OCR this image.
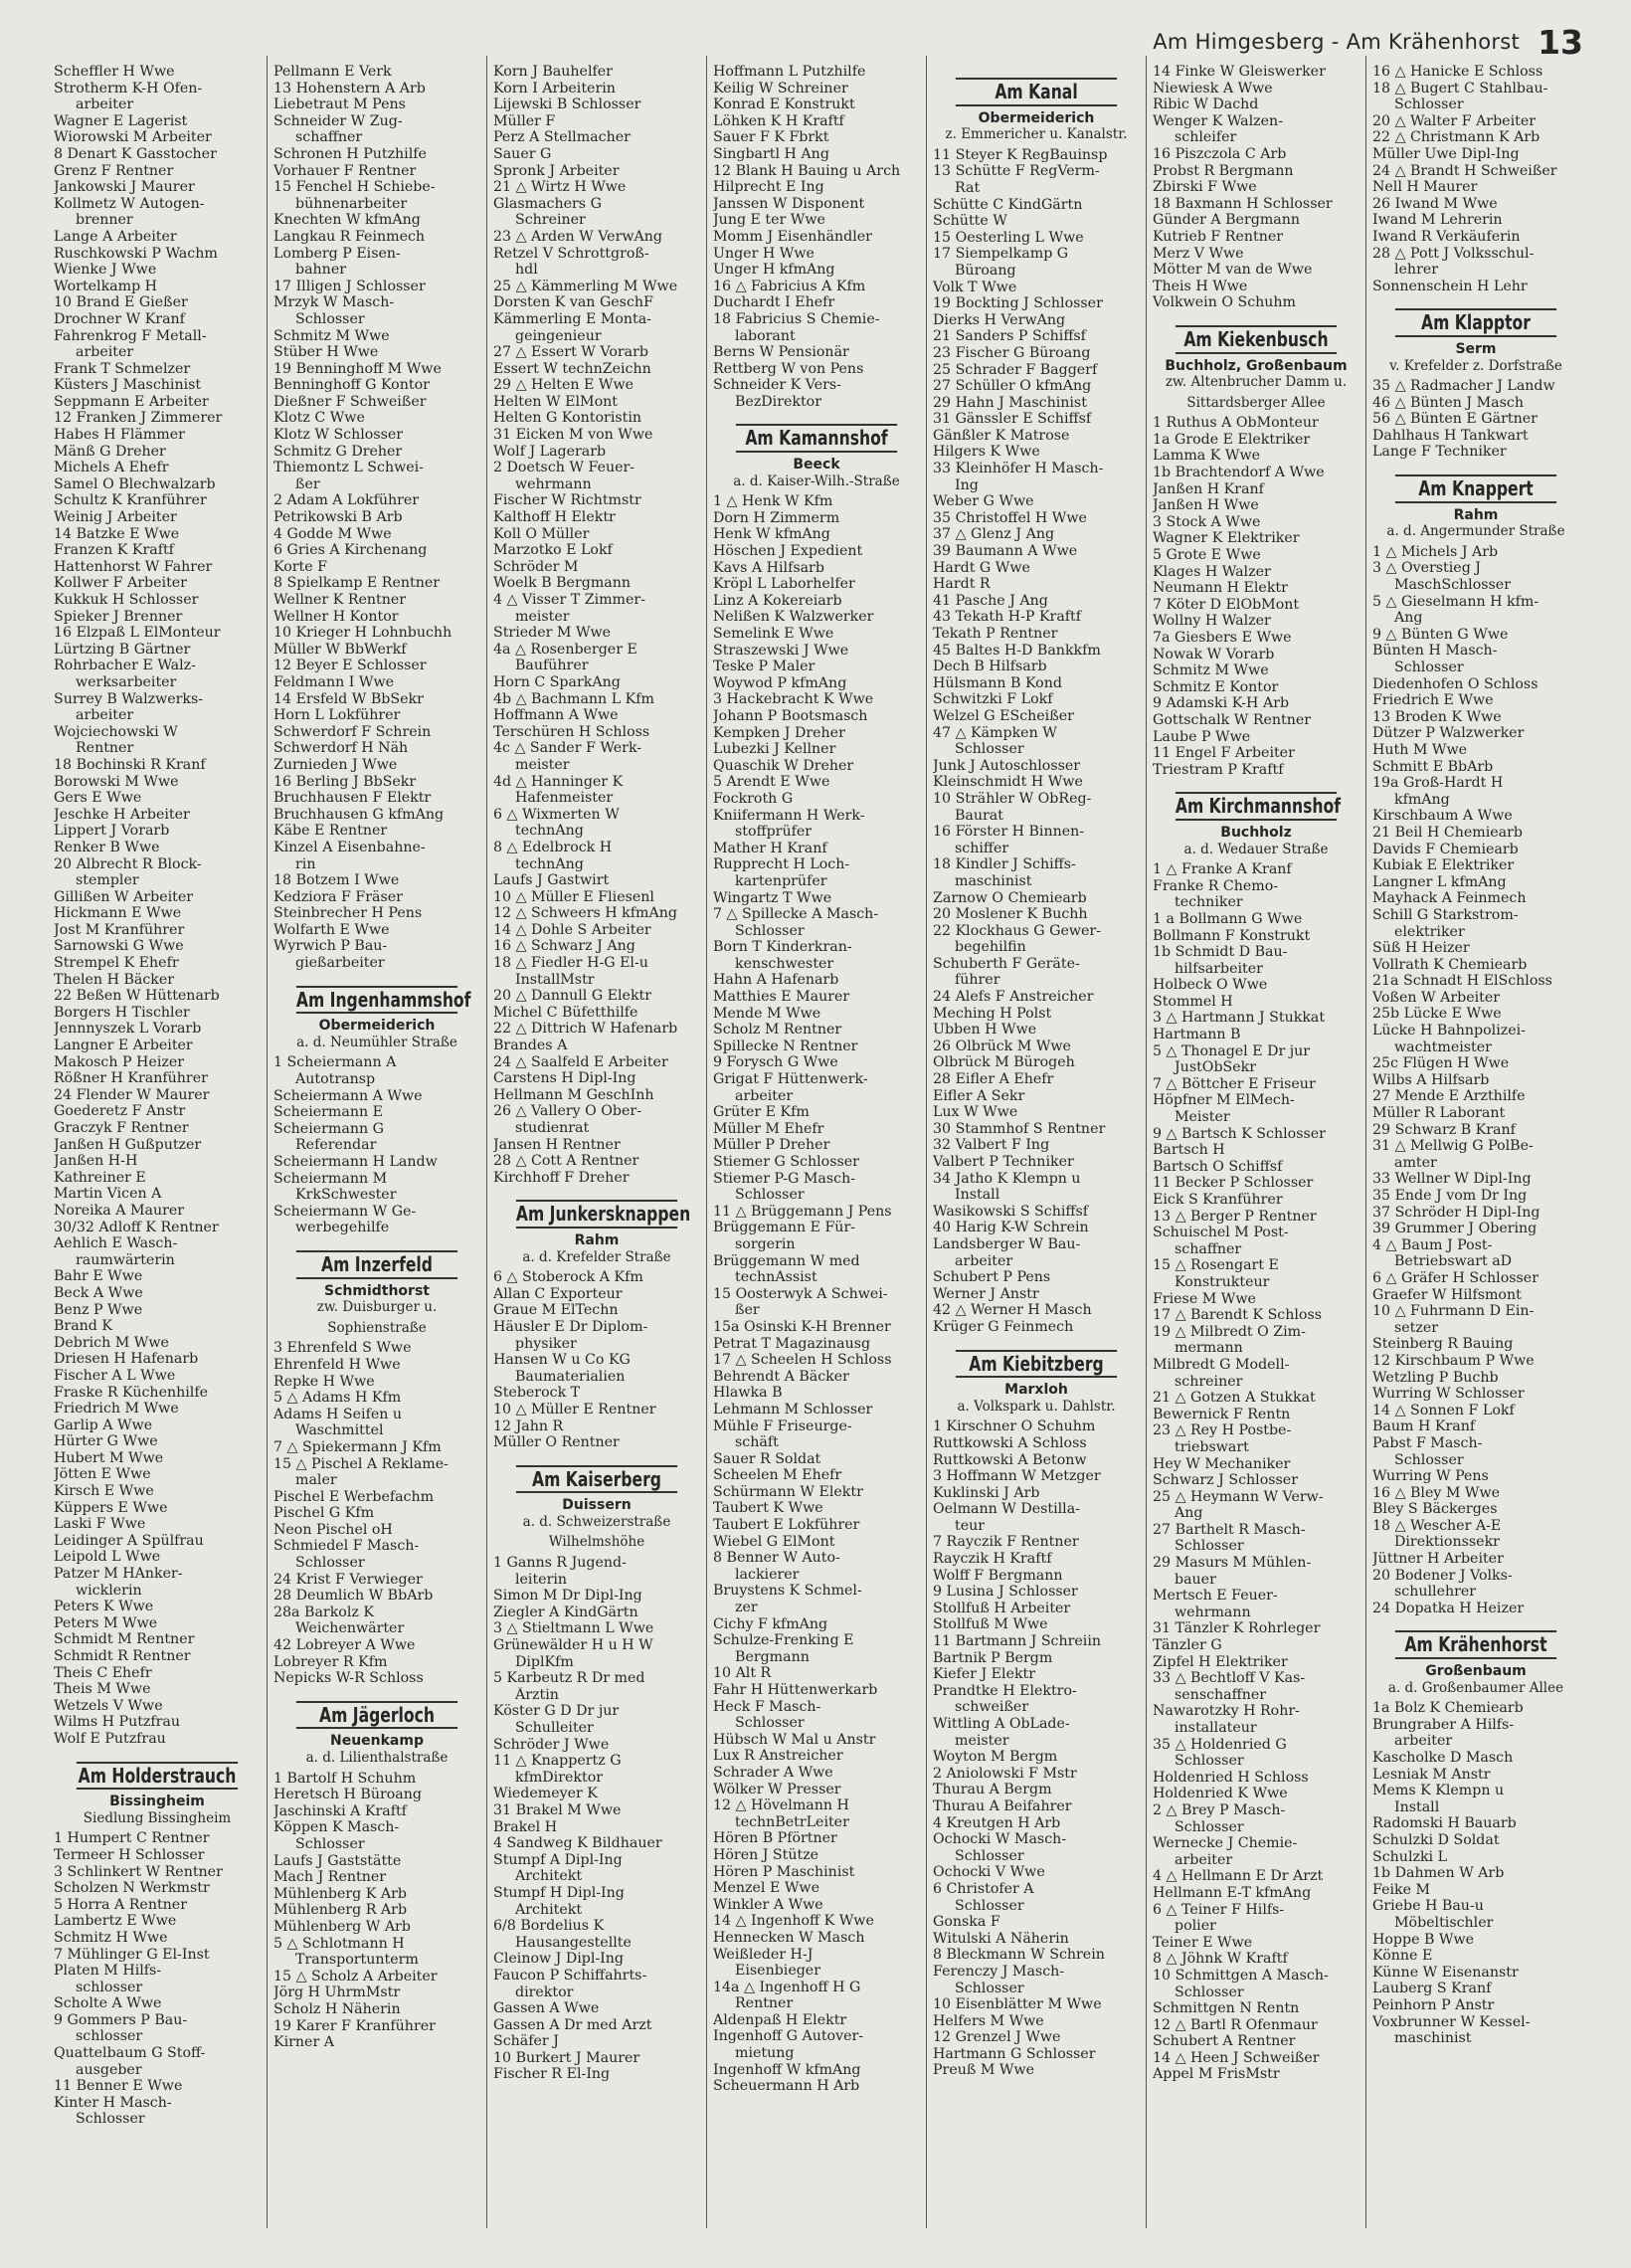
Am Himgesberg - Am Krähenhorst 13
Scheffler H Wwe
Strotherm K-H Ofen-
arbeiter
Wagner E Lagerist
Wiorowski M Arbeiter
8 Denart K Gasstocher
Grenz F Rentner
Jankowski J Maurer
Kollmetz W Autogen-
brenner
Lange A Arbeiter
Ruschkowski P Wachm
Wienke J Wwe
Wortelkamp H
10 Brand E Gießer
Drochner W Kranf
Fahrenkrog F Metall-
arbeiter
Frank T Schmelzer
Küsters J Maschinist
Seppmann E Arbeiter
12 Franken J Zimmerer
Habes H Flämmer
Mänß G Dreher
Michels A Ehefr
Samel O Blechwalzarb
Schultz K Kranführer
Weinig J Arbeiter
14 Batzke E Wwe
Franzen K Kraftf
Hattenhorst W Fahrer
Kollwer F Arbeiter
Kukkuk H Schlosser
Spieker J Brenner
16 Elzpaß L ElMonteur
Lürtzing B Gärtner
Rohrbacher E Walz-
werksarbeiter
Surrey B Walzwerks-
arbeiter
Wojciechowski W
Rentner
18 Bochinski R Kranf
Borowski M Wwe
Gers E Wwe
Jeschke H Arbeiter
Lippert J Vorarb
Renker B Wwe
20 Albrecht R Block-
stempler
Gillißen W Arbeiter
Hickmann E Wwe
Jost M Kranführer
Sarnowski G Wwe
Strempel K Ehefr
Thelen H Bäcker
22 Beßen W Hüttenarb
Borgers H Tischler
Jennnyszek L Vorarb
Langner E Arbeiter
Makosch P Heizer
Rößner H Kranführer
24 Flender W Maurer
Goederetz F Anstr
Graczyk F Rentner
Janßen H Gußputzer
Janßen H-H
Kathreiner E
Martin Vicen A
Noreika A Maurer
30/32 Adloff K Rentner
Aehlich E Wasch-
raumwärterin
Bahr E Wwe
Beck A Wwe
Benz P Wwe
Brand K
Debrich M Wwe
Driesen H Hafenarb
Fischer A L Wwe
Fraske R Küchenhilfe
Friedrich M Wwe
Garlip A Wwe
Hürter G Wwe
Hubert M Wwe
Jötten E Wwe
Kirsch E Wwe
Küppers E Wwe
Laski F Wwe
Leidinger A Spülfrau
Leipold L Wwe
Patzer M HAnker-
wicklerin
Peters K Wwe
Peters M Wwe
Schmidt M Rentner
Schmidt R Rentner
Theis C Ehefr
Theis M Wwe
Wetzels V Wwe
Wilms H Putzfrau
Wolf E Putzfrau
Am Holderstrauch
Bissingheim
Siedlung Bissingheim
1 Humpert C Rentner
Termeer H Schlosser
3 Schlinkert W Rentner
Scholzen N Werkmstr
5 Horra A Rentner
Lambertz E Wwe
Schmitz H Wwe
7 Mühlinger G El-Inst
Platen M Hilfs-
schlosser
Scholte A Wwe
9 Gommers P Bau-
schlosser
Quattelbaum G Stoff-
ausgeber
11 Benner E Wwe
Kinter H Masch-
Schlosser
Pellmann E Verk
13 Hohenstern A Arb
Liebetraut M Pens
Schneider W Zug-
schaffner
Schronen H Putzhilfe
Vorhauer F Rentner
15 Fenchel H Schiebe-
bühnenarbeiter
Knechten W kfmAng
Langkau R Feinmech
Lomberg P Eisen-
bahner
17 Illigen J Schlosser
Mrzyk W Masch-
Schlosser
Schmitz M Wwe
Stüber H Wwe
19 Benninghoff M Wwe
Benninghoff G Kontor
Dießner F Schweißer
Klotz C Wwe
Klotz W Schlosser
Schmitz G Dreher
Thiemontz L Schwei-
ßer
2 Adam A Lokführer
Petrikowski B Arb
4 Godde M Wwe
6 Gries A Kirchenang
Korte F
8 Spielkamp E Rentner
Wellner K Rentner
Wellner H Kontor
10 Krieger H Lohnbuchh
Müller W BbWerkf
12 Beyer E Schlosser
Feldmann I Wwe
14 Ersfeld W BbSekr
Horn L Lokführer
Schwerdorf F Schrein
Schwerdorf H Näh
Zurnieden J Wwe
16 Berling J BbSekr
Bruchhausen F Elektr
Bruchhausen G kfmAng
Käbe E Rentner
Kinzel A Eisenbahne-
rin
18 Botzem I Wwe
Kedziora F Fräser
Steinbrecher H Pens
Wolfarth E Wwe
Wyrwich P Bau-
gießarbeiter
Am Ingenhammshof
Obermeiderich
a. d. Neumühler Straße
1 Scheiermann A
Autotransp
Scheiermann A Wwe
Scheiermann E
Scheiermann G
Referendar
Scheiermann H Landw
Scheiermann M
KrkSchwester
Scheiermann W Ge-
werbegehilfe
Am Inzerfeld
Schmidthorst
zw. Duisburger u.
Sophienstraße
3 Ehrenfeld S Wwe
Ehrenfeld H Wwe
Repke H Wwe
5 △ Adams H Kfm
Adams H Seifen u
Waschmittel
7 △ Spiekermann J Kfm
15 △ Pischel A Reklame-
maler
Pischel E Werbefachm
Pischel G Kfm
Neon Pischel oH
Schmiedel F Masch-
Schlosser
24 Krist F Verwieger
28 Deumlich W BbArb
28a Barkolz K
Weichenwärter
42 Lobreyer A Wwe
Lobreyer R Kfm
Nepicks W-R Schloss
Am Jägerloch
Neuenkamp
a. d. Lilienthalstraße
1 Bartolf H Schuhm
Heretsch H Büroang
Jaschinski A Kraftf
Köppen K Masch-
Schlosser
Laufs J Gaststätte
Mach J Rentner
Mühlenberg K Arb
Mühlenberg R Arb
Mühlenberg W Arb
5 △ Schlotmann H
Transportunterm
15 △ Scholz A Arbeiter
Jörg H UhrmMstr
Scholz H Näherin
19 Karer F Kranführer
Kirner A
Korn J Bauhelfer
Korn I Arbeiterin
Lijewski B Schlosser
Müller F
Perz A Stellmacher
Sauer G
Spronk J Arbeiter
21 △ Wirtz H Wwe
Glasmachers G
Schreiner
23 △ Arden W VerwAng
Retzel V Schrottgroß-
hdl
25 △ Kämmerling M Wwe
Dorsten K van GeschF
Kämmerling E Monta-
geingenieur
27 △ Essert W Vorarb
Essert W technZeichn
29 △ Helten E Wwe
Helten W ElMont
Helten G Kontoristin
31 Eicken M von Wwe
Wolf J Lagerarb
2 Doetsch W Feuer-
wehrmann
Fischer W Richtmstr
Kalthoff H Elektr
Koll O Müller
Marzotko E Lokf
Schröder M
Woelk B Bergmann
4 △ Visser T Zimmer-
meister
Strieder M Wwe
4a △ Rosenberger E
Bauführer
Horn C SparkAng
4b △ Bachmann L Kfm
Hoffmann A Wwe
Terschüren H Schloss
4c △ Sander F Werk-
meister
4d △ Hanninger K
Hafenmeister
6 △ Wixmerten W
technAng
8 △ Edelbrock H
technAng
Laufs J Gastwirt
10 △ Müller E Fliesenl
12 △ Schweers H kfmAng
14 △ Dohle S Arbeiter
16 △ Schwarz J Ang
18 △ Fiedler H-G El-u
InstallMstr
20 △ Dannull G Elektr
Michel C Büfetthilfe
22 △ Dittrich W Hafenarb
Brandes A
24 △ Saalfeld E Arbeiter
Carstens H Dipl-Ing
Hellmann M GeschInh
26 △ Vallery O Ober-
studienrat
Jansen H Rentner
28 △ Cott A Rentner
Kirchhoff F Dreher
Am Junkersknappen
Rahm
a. d. Krefelder Straße
6 △ Stoberock A Kfm
Allan C Exporteur
Graue M ElTechn
Häusler E Dr Diplom-
physiker
Hansen W u Co KG
Baumaterialien
Steberock T
10 △ Müller E Rentner
12 Jahn R
Müller O Rentner
Am Kaiserberg
Duissern
a. d. Schweizerstraße
Wilhelmshöhe
1 Ganns R Jugend-
leiterin
Simon M Dr Dipl-Ing
Ziegler A KindGärtn
3 △ Stieltmann L Wwe
Grünewälder H u H W
DiplKfm
5 Karbeutz R Dr med
Ärztin
Köster G D Dr jur
Schulleiter
Schröder J Wwe
11 △ Knappertz G
kfmDirektor
Wiedemeyer K
31 Brakel M Wwe
Brakel H
4 Sandweg K Bildhauer
Stumpf A Dipl-Ing
Architekt
Stumpf H Dipl-Ing
Architekt
6/8 Bordelius K
Hausangestellte
Cleinow J Dipl-Ing
Faucon P Schiffahrts-
direktor
Gassen A Wwe
Gassen A Dr med Arzt
Schäfer J
10 Burkert J Maurer
Fischer R El-Ing
Hoffmann L Putzhilfe
Keilig W Schreiner
Konrad E Konstrukt
Löhken K H Kraftf
Sauer F K Fbrkt
Singbartl H Ang
12 Blank H Bauing u Arch
Hilprecht E Ing
Janssen W Disponent
Jung E ter Wwe
Momm J Eisenhändler
Unger H Wwe
Unger H kfmAng
16 △ Fabricius A Kfm
Duchardt I Ehefr
18 Fabricius S Chemie-
laborant
Berns W Pensionär
Rettberg W von Pens
Schneider K Vers-
BezDirektor
Am Kamannshof
Beeck
a. d. Kaiser-Wilh.-Straße
1 △ Henk W Kfm
Dorn H Zimmerm
Henk W kfmAng
Höschen J Expedient
Kavs A Hilfsarb
Kröpl L Laborhelfer
Linz A Kokereiarb
Nelißen K Walzwerker
Semelink E Wwe
Straszewski J Wwe
Teske P Maler
Woywod P kfmAng
3 Hackebracht K Wwe
Johann P Bootsmasch
Kempken J Dreher
Lubezki J Kellner
Quaschik W Dreher
5 Arendt E Wwe
Fockroth G
Kniifermann H Werk-
stoffprüfer
Mather H Kranf
Rupprecht H Loch-
kartenprüfer
Wingartz T Wwe
7 △ Spillecke A Masch-
Schlosser
Born T Kinderkran-
kenschwester
Hahn A Hafenarb
Matthies E Maurer
Mende M Wwe
Scholz M Rentner
Spillecke N Rentner
9 Forysch G Wwe
Grigat F Hüttenwerk-
arbeiter
Grüter E Kfm
Müller M Ehefr
Müller P Dreher
Stiemer G Schlosser
Stiemer P-G Masch-
Schlosser
11 △ Brüggemann J Pens
Brüggemann E Für-
sorgerin
Brüggemann W med
technAssist
15 Oosterwyk A Schwei-
ßer
15a Osinski K-H Brenner
Petrat T Magazinausg
17 △ Scheelen H Schloss
Behrendt A Bäcker
Hlawka B
Lehmann M Schlosser
Mühle F Friseurge-
schäft
Sauer R Soldat
Scheelen M Ehefr
Schürmann W Elektr
Taubert K Wwe
Taubert E Lokführer
Wiebel G ElMont
8 Benner W Auto-
lackierer
Bruystens K Schmel-
zer
Cichy F kfmAng
Schulze-Frenking E
Bergmann
10 Alt R
Fahr H Hüttenwerkarb
Heck F Masch-
Schlosser
Hübsch W Mal u Anstr
Lux R Anstreicher
Schrader A Wwe
Wölker W Presser
12 △ Hövelmann H
technBetrLeiter
Hören B Pförtner
Hören J Stütze
Hören P Maschinist
Menzel E Wwe
Winkler A Wwe
14 △ Ingenhoff K Wwe
Hennecken W Masch
Weißleder H-J
Eisenbieger
14a △ Ingenhoff H G
Rentner
Aldenpaß H Elektr
Ingenhoff G Autover-
mietung
Ingenhoff W kfmAng
Scheuermann H Arb
Am Kanal
Obermeiderich
z. Emmericher u. Kanalstr.
11 Steyer K RegBauinsp
13 Schütte F RegVerm-
Rat
Schütte C KindGärtn
Schütte W
15 Oesterling L Wwe
17 Siempelkamp G
Büroang
Volk T Wwe
19 Bockting J Schlosser
Dierks H VerwAng
21 Sanders P Schiffsf
23 Fischer G Büroang
25 Schrader F Baggerf
27 Schüller O kfmAng
29 Hahn J Maschinist
31 Gänssler E Schiffsf
Gänßler K Matrose
Hilgers K Wwe
33 Kleinhöfer H Masch-
Ing
Weber G Wwe
35 Christoffel H Wwe
37 △ Glenz J Ang
39 Baumann A Wwe
Hardt G Wwe
Hardt R
41 Pasche J Ang
43 Tekath H-P Kraftf
Tekath P Rentner
45 Baltes H-D Bankkfm
Dech B Hilfsarb
Hülsmann B Kond
Schwitzki F Lokf
Welzel G EScheißer
47 △ Kämpken W
Schlosser
Junk J Autoschlosser
Kleinschmidt H Wwe
10 Strähler W ObReg-
Baurat
16 Förster H Binnen-
schiffer
18 Kindler J Schiffs-
maschinist
Zarnow O Chemiearb
20 Moslener K Buchh
22 Klockhaus G Gewer-
begehilfin
Schuberth F Geräte-
führer
24 Alefs F Anstreicher
Meching H Polst
Ubben H Wwe
26 Olbrück M Wwe
Olbrück M Bürogeh
28 Eifler A Ehefr
Eifler A Sekr
Lux W Wwe
30 Stammhof S Rentner
32 Valbert F Ing
Valbert P Techniker
34 Jatho K Klempn u
Install
Wasikowski S Schiffsf
40 Harig K-W Schrein
Landsberger W Bau-
arbeiter
Schubert P Pens
Werner J Anstr
42 △ Werner H Masch
Krüger G Feinmech
Am Kiebitzberg
Marxloh
a. Volkspark u. Dahlstr.
1 Kirschner O Schuhm
Ruttkowski A Schloss
Ruttkowski A Betonw
3 Hoffmann W Metzger
Kuklinski J Arb
Oelmann W Destilla-
teur
7 Rayczik F Rentner
Rayczik H Kraftf
Wolff F Bergmann
9 Lusina J Schlosser
Stollfuß H Arbeiter
Stollfuß M Wwe
11 Bartmann J Schreiin
Bartnik P Bergm
Kiefer J Elektr
Prandtke H Elektro-
schweißer
Wittling A ObLade-
meister
Woyton M Bergm
2 Aniolowski F Mstr
Thurau A Bergm
Thurau A Beifahrer
4 Kreutgen H Arb
Ochocki W Masch-
Schlosser
Ochocki V Wwe
6 Christofer A
Schlosser
Gonska F
Witulski A Näherin
8 Bleckmann W Schrein
Ferenczy J Masch-
Schlosser
10 Eisenblätter M Wwe
Helfers M Wwe
12 Grenzel J Wwe
Hartmann G Schlosser
Preuß M Wwe
14 Finke W Gleiswerker
Niewiesk A Wwe
Ribic W Dachd
Wenger K Walzen-
schleifer
16 Piszczola C Arb
Probst R Bergmann
Zbirski F Wwe
18 Baxmann H Schlosser
Günder A Bergmann
Kutrieb F Rentner
Merz V Wwe
Mötter M van de Wwe
Theis H Wwe
Volkwein O Schuhm
Am Kiekenbusch
Buchholz, Großenbaum
zw. Altenbrucher Damm u.
Sittardsberger Allee
1 Ruthus A ObMonteur
1a Grode E Elektriker
Lamma K Wwe
1b Brachtendorf A Wwe
Janßen H Kranf
Janßen H Wwe
3 Stock A Wwe
Wagner K Elektriker
5 Grote E Wwe
Klages H Walzer
Neumann H Elektr
7 Köter D ElObMont
Wollny H Walzer
7a Giesbers E Wwe
Nowak W Vorarb
Schmitz M Wwe
Schmitz E Kontor
9 Adamski K-H Arb
Gottschalk W Rentner
Laube P Wwe
11 Engel F Arbeiter
Triestram P Kraftf
Am Kirchmannshof
Buchholz
a. d. Wedauer Straße
1 △ Franke A Kranf
Franke R Chemo-
techniker
1 a Bollmann G Wwe
Bollmann F Konstrukt
1b Schmidt D Bau-
hilfsarbeiter
Holbeck O Wwe
Stommel H
3 △ Hartmann J Stukkat
Hartmann B
5 △ Thonagel E Dr jur
JustObSekr
7 △ Böttcher E Friseur
Höpfner M ElMech-
Meister
9 △ Bartsch K Schlosser
Bartsch H
Bartsch O Schiffsf
11 Becker P Schlosser
Eick S Kranführer
13 △ Berger P Rentner
Schuischel M Post-
schaffner
15 △ Rosengart E
Konstrukteur
Friese M Wwe
17 △ Barendt K Schloss
19 △ Milbredt O Zim-
mermann
Milbredt G Modell-
schreiner
21 △ Gotzen A Stukkat
Bewernick F Rentn
23 △ Rey H Postbe-
triebswart
Hey W Mechaniker
Schwarz J Schlosser
25 △ Heymann W Verw-
Ang
27 Barthelt R Masch-
Schlosser
29 Masurs M Mühlen-
bauer
Mertsch E Feuer-
wehrmann
31 Tänzler K Rohrleger
Tänzler G
Zipfel H Elektriker
33 △ Bechtloff V Kas-
senschaffner
Nawarotzky H Rohr-
installateur
35 △ Holdenried G
Schlosser
Holdenried H Schloss
Holdenried K Wwe
2 △ Brey P Masch-
Schlosser
Wernecke J Chemie-
arbeiter
4 △ Hellmann E Dr Arzt
Hellmann E-T kfmAng
6 △ Teiner F Hilfs-
polier
Teiner E Wwe
8 △ Jöhnk W Kraftf
10 Schmittgen A Masch-
Schlosser
Schmittgen N Rentn
12 △ Bartl R Ofenmaur
Schubert A Rentner
14 △ Heen J Schweißer
Appel M FrisMstr
16 △ Hanicke E Schloss
18 △ Bugert C Stahlbau-
Schlosser
20 △ Walter F Arbeiter
22 △ Christmann K Arb
Müller Uwe Dipl-Ing
24 △ Brandt H Schweißer
Nell H Maurer
26 Iwand M Wwe
Iwand M Lehrerin
Iwand R Verkäuferin
28 △ Pott J Volksschul-
lehrer
Sonnenschein H Lehr
Am Klapptor
Serm
v. Krefelder z. Dorfstraße
35 △ Radmacher J Landw
46 △ Bünten J Masch
56 △ Bünten E Gärtner
Dahlhaus H Tankwart
Lange F Techniker
Am Knappert
Rahm
a. d. Angermunder Straße
1 △ Michels J Arb
3 △ Overstieg J
MaschSchlosser
5 △ Gieselmann H kfm-
Ang
9 △ Bünten G Wwe
Bünten H Masch-
Schlosser
Diedenhofen O Schloss
Friedrich E Wwe
13 Broden K Wwe
Dützer P Walzwerker
Huth M Wwe
Schmitt E BbArb
19a Groß-Hardt H
kfmAng
Kirschbaum A Wwe
21 Beil H Chemiearb
Davids F Chemiearb
Kubiak E Elektriker
Langner L kfmAng
Mayhack A Feinmech
Schill G Starkstrom-
elektriker
Süß H Heizer
Vollrath K Chemiearb
21a Schnadt H ElSchloss
Voßen W Arbeiter
25b Lücke E Wwe
Lücke H Bahnpolizei-
wachtmeister
25c Flügen H Wwe
Wilbs A Hilfsarb
27 Mende E Arzthilfe
Müller R Laborant
29 Schwarz B Kranf
31 △ Mellwig G PolBe-
amter
33 Wellner W Dipl-Ing
35 Ende J vom Dr Ing
37 Schröder H Dipl-Ing
39 Grummer J Obering
4 △ Baum J Post-
Betriebswart aD
6 △ Gräfer H Schlosser
Graefer W Hilfsmont
10 △ Fuhrmann D Ein-
setzer
Steinberg R Bauing
12 Kirschbaum P Wwe
Wetzling P Buchb
Wurring W Schlosser
14 △ Sonnen F Lokf
Baum H Kranf
Pabst F Masch-
Schlosser
Wurring W Pens
16 △ Bley M Wwe
Bley S Bäckerges
18 △ Wescher A-E
Direktionssekr
Jüttner H Arbeiter
20 Bodener J Volks-
schullehrer
24 Dopatka H Heizer
Am Krähenhorst
Großenbaum
a. d. Großenbaumer Allee
1a Bolz K Chemiearb
Brungraber A Hilfs-
arbeiter
Kascholke D Masch
Lesniak M Anstr
Mems K Klempn u
Install
Radomski H Bauarb
Schulzki D Soldat
Schulzki L
1b Dahmen W Arb
Feike M
Griebe H Bau-u
Möbeltischler
Hoppe B Wwe
Könne E
Künne W Eisenanstr
Lauberg S Kranf
Peinhorn P Anstr
Voxbrunner W Kessel-
maschinist
